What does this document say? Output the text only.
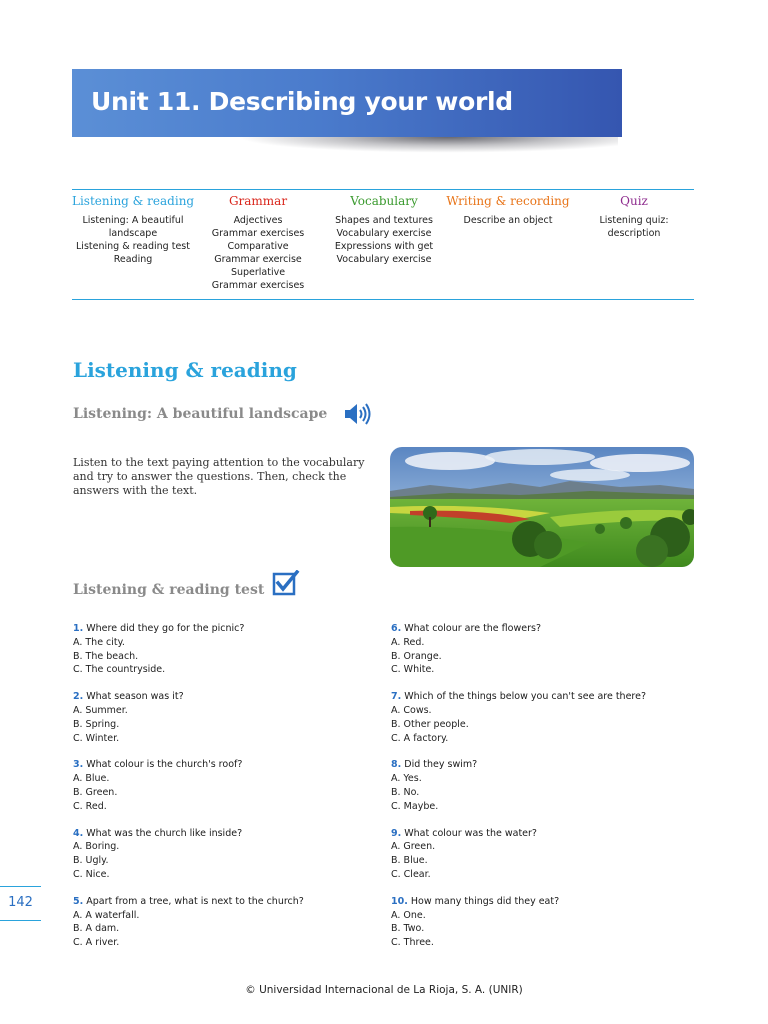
Unit 11. Describing your world
Listening & reading
Listening: A beautiful
landscape
Listening & reading test
Reading
Grammar
Adjectives
Grammar exercises
Comparative
Grammar exercise
Superlative
Grammar exercises
Vocabulary
Shapes and textures
Vocabulary exercise
Expressions with get
Vocabulary exercise
Writing & recording
Describe an object
Quiz
Listening quiz:
description
Listening & reading
Listening: A beautiful landscape

Listen to the text paying attention to the vocabulary and try to answer the questions. Then, check the answers with the text.

Listening & reading test
1. Where did they go for the picnic?
A. The city.
B. The beach.
C. The countryside.
2. What season was it?
A. Summer.
B. Spring.
C. Winter.
3. What colour is the church's roof?
A. Blue.
B. Green.
C. Red.
4. What was the church like inside?
A. Boring.
B. Ugly.
C. Nice.
5. Apart from a tree, what is next to the church?
A. A waterfall.
B. A dam.
C. A river.
6. What colour are the flowers?
A. Red.
B. Orange.
C. White.
7. Which of the things below you can't see are there?
A. Cows.
B. Other people.
C. A factory.
8. Did they swim?
A. Yes.
B. No.
C. Maybe.
9. What colour was the water?
A. Green.
B. Blue.
C. Clear.
10. How many things did they eat?
A. One.
B. Two.
C. Three.
142
© Universidad Internacional de La Rioja, S. A. (UNIR)
